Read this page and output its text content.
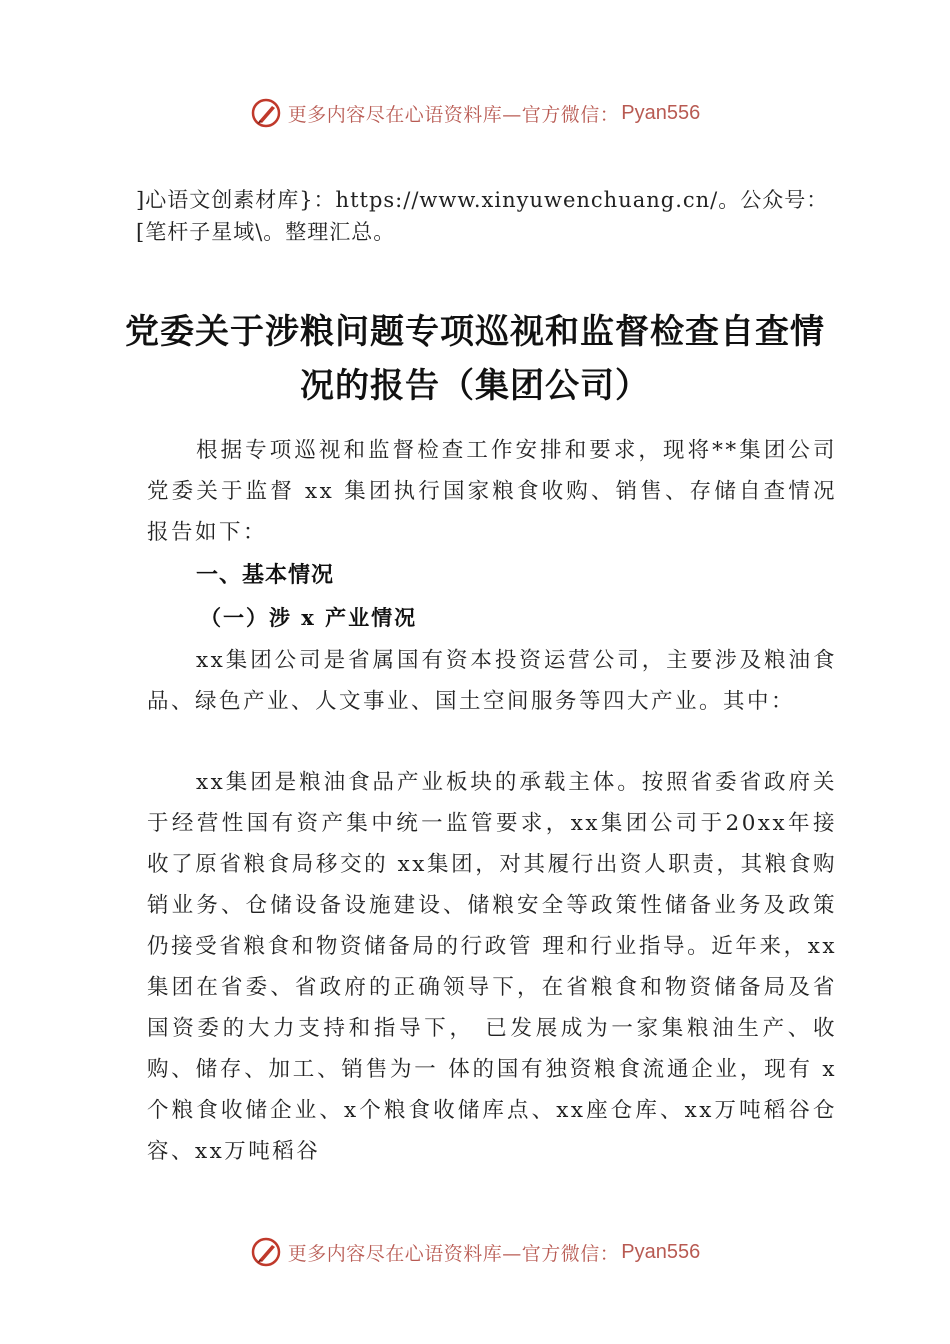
更多内容尽在心语资料库—官方微信： Pyan556
]心语文创素材库}：https://www.xinyuwenchuang.cn/。公众号：[笔杆子星域\。整理汇总。
党委关于涉粮问题专项巡视和监督检查自查情况的报告（集团公司）
根据专项巡视和监督检查工作安排和要求，现将**集团公司党委关于监督 xx 集团执行国家粮食收购、销售、存储自查情况报告如下：
一、基本情况
（一）涉 x 产业情况
xx集团公司是省属国有资本投资运营公司，主要涉及粮油食品、绿色产业、人文事业、国土空间服务等四大产业。其中：
xx集团是粮油食品产业板块的承载主体。按照省委省政府关于经营性国有资产集中统一监管要求，xx集团公司于20xx年接收了原省粮食局移交的 xx集团，对其履行出资人职责，其粮食购销业务、仓储设备设施建设、储粮安全等政策性储备业务及政策仍接受省粮食和物资储备局的行政管 理和行业指导。近年来，xx集团在省委、省政府的正确领导下，在省粮食和物资储备局及省国资委的大力支持和指导下， 已发展成为一家集粮油生产、收购、储存、加工、销售为一 体的国有独资粮食流通企业，现有 x个粮食收储企业、x个粮食收储库点、xx座仓库、xx万吨稻谷仓容、xx万吨稻谷
更多内容尽在心语资料库—官方微信： Pyan556
